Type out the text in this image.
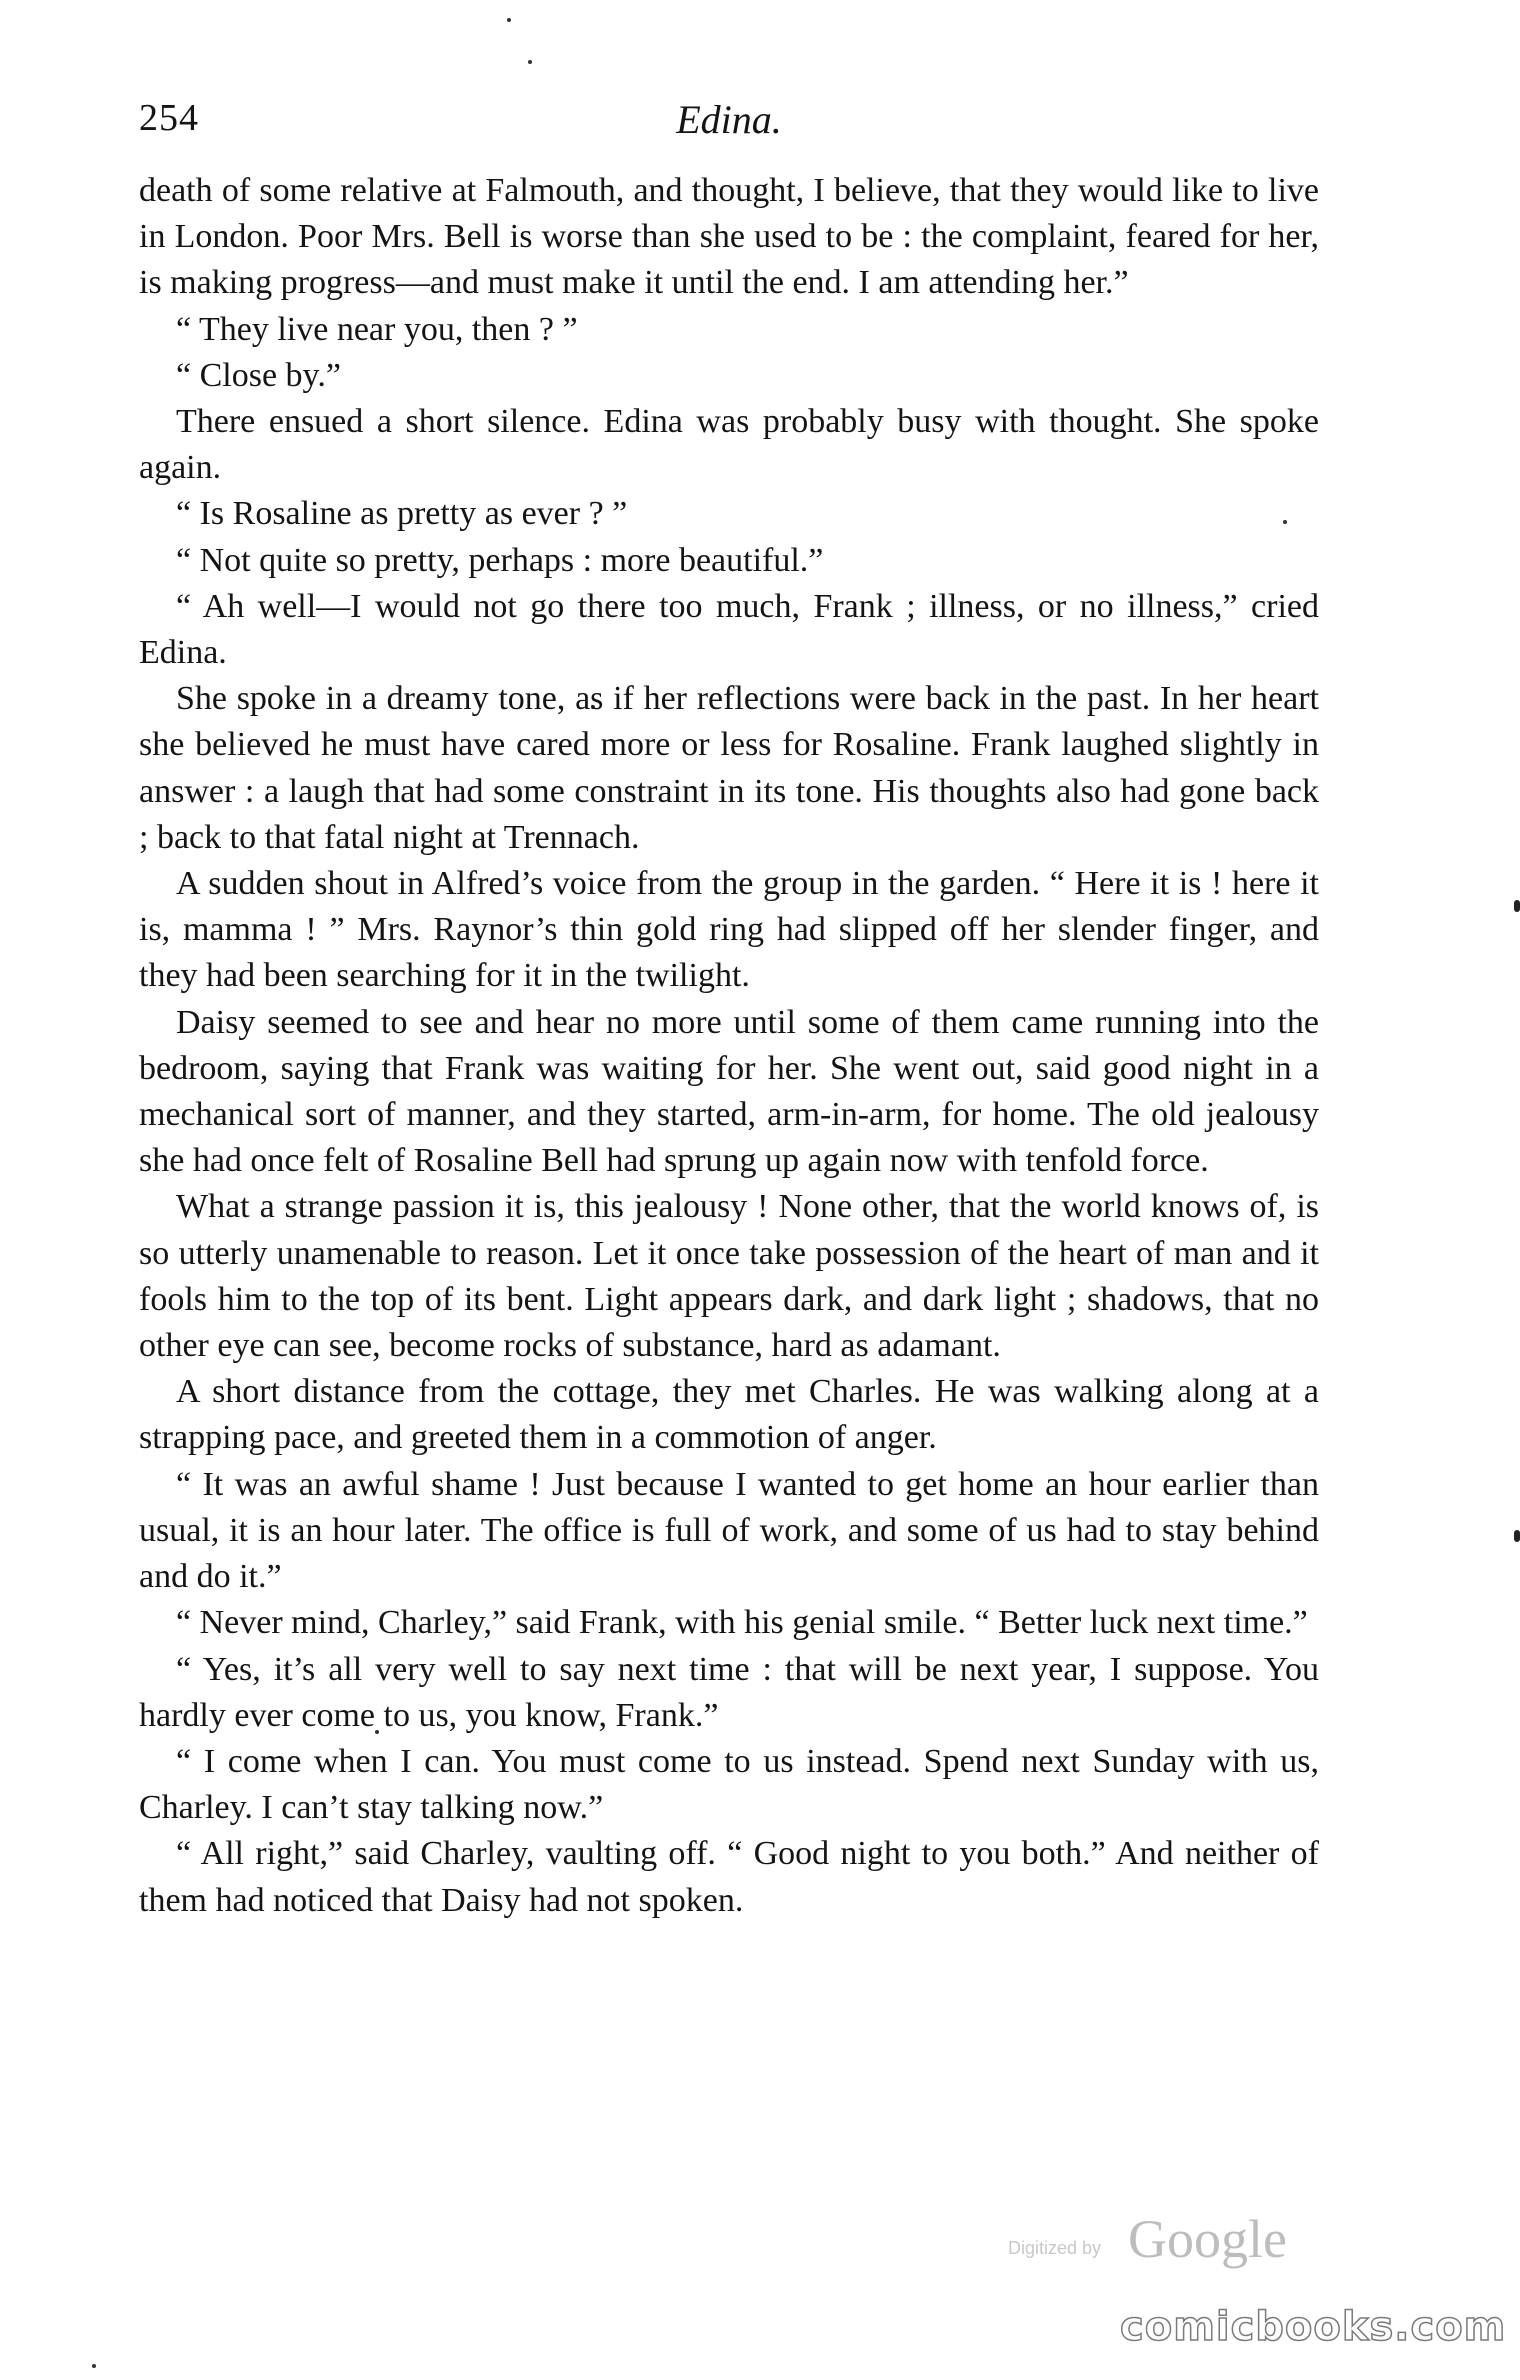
254	Edina.

death of some relative at Falmouth, and thought, I believe, that they would like to live in London. Poor Mrs. Bell is worse than she used to be : the complaint, feared for her, is making progress—and must make it until the end. I am attending her.”

“ They live near you, then ? ”

“ Close by.”

There ensued a short silence. Edina was probably busy with thought. She spoke again.

“ Is Rosaline as pretty as ever ? ”

“ Not quite so pretty, perhaps : more beautiful.”

“ Ah well—I would not go there too much, Frank ; illness, or no illness,” cried Edina.

She spoke in a dreamy tone, as if her reflections were back in the past. In her heart she believed he must have cared more or less for Rosaline. Frank laughed slightly in answer : a laugh that had some constraint in its tone. His thoughts also had gone back ; back to that fatal night at Trennach.

A sudden shout in Alfred’s voice from the group in the garden. “ Here it is ! here it is, mamma ! ” Mrs. Raynor’s thin gold ring had slipped off her slender finger, and they had been searching for it in the twilight.

Daisy seemed to see and hear no more until some of them came running into the bedroom, saying that Frank was waiting for her. She went out, said good night in a mechanical sort of manner, and they started, arm-in-arm, for home. The old jealousy she had once felt of Rosaline Bell had sprung up again now with tenfold force.

What a strange passion it is, this jealousy ! None other, that the world knows of, is so utterly unamenable to reason. Let it once take possession of the heart of man and it fools him to the top of its bent. Light appears dark, and dark light ; shadows, that no other eye can see, become rocks of substance, hard as adamant.

A short distance from the cottage, they met Charles. He was walking along at a strapping pace, and greeted them in a commotion of anger.

“ It was an awful shame ! Just because I wanted to get home an hour earlier than usual, it is an hour later. The office is full of work, and some of us had to stay behind and do it.”

“ Never mind, Charley,” said Frank, with his genial smile. “ Better luck next time.”

“ Yes, it’s all very well to say next time : that will be next year, I suppose. You hardly ever come to us, you know, Frank.”

“ I come when I can. You must come to us instead. Spend next Sunday with us, Charley. I can’t stay talking now.”

“ All right,” said Charley, vaulting off. “ Good night to you both.” And neither of them had noticed that Daisy had not spoken.

Digitized by Google
comicbooks.com
